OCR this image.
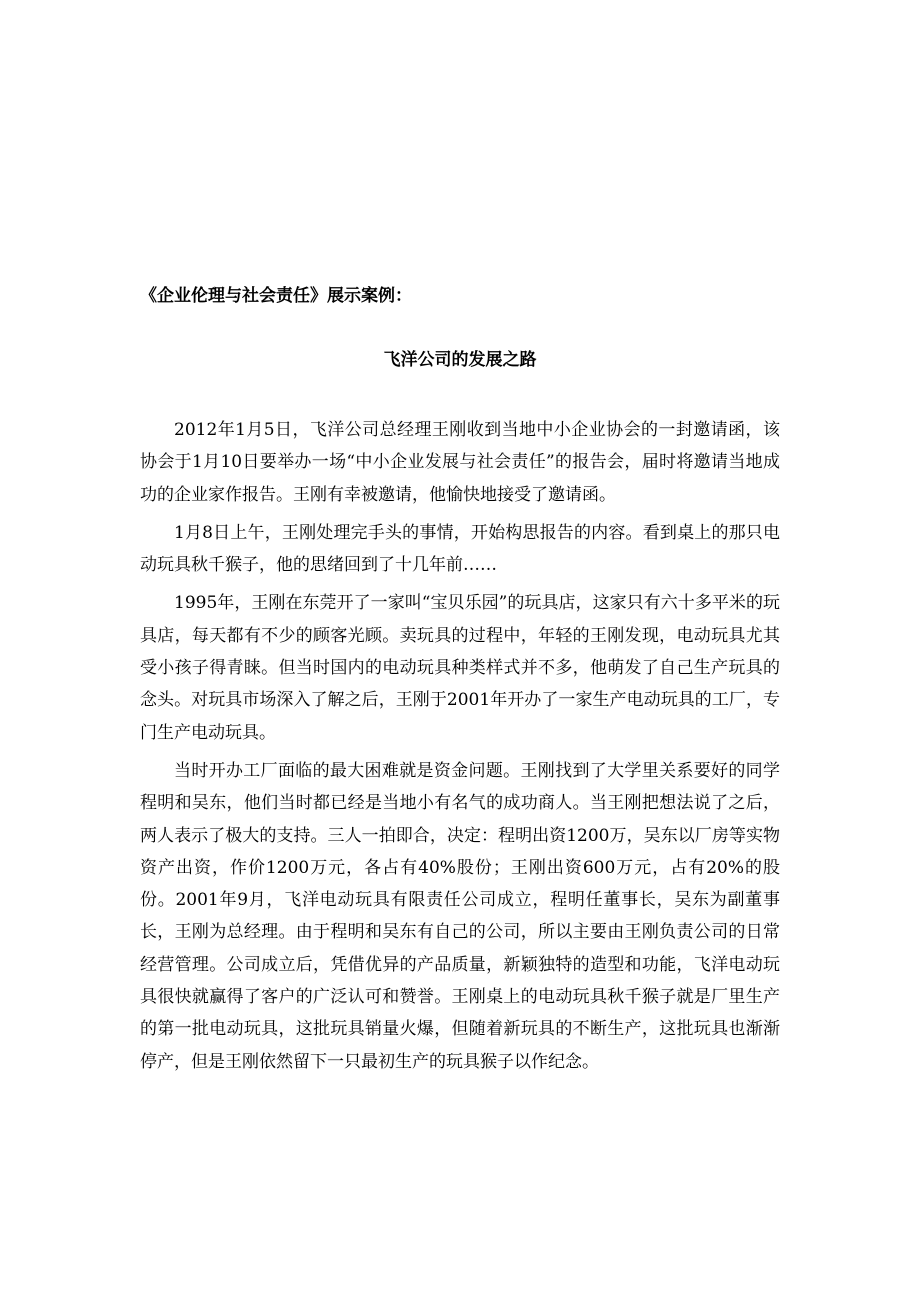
《企业伦理与社会责任》展示案例：
飞洋公司的发展之路

2012年1月5日，飞洋公司总经理王刚收到当地中小企业协会的一封邀请函，该协会于1月10日要举办一场“中小企业发展与社会责任”的报告会，届时将邀请当地成功的企业家作报告。王刚有幸被邀请，他愉快地接受了邀请函。

1月8日上午，王刚处理完手头的事情，开始构思报告的内容。看到桌上的那只电动玩具秋千猴子，他的思绪回到了十几年前……

1995年，王刚在东莞开了一家叫“宝贝乐园”的玩具店，这家只有六十多平米的玩具店，每天都有不少的顾客光顾。卖玩具的过程中，年轻的王刚发现，电动玩具尤其受小孩子得青睐。但当时国内的电动玩具种类样式并不多，他萌发了自己生产玩具的念头。对玩具市场深入了解之后，王刚于2001年开办了一家生产电动玩具的工厂，专门生产电动玩具。

当时开办工厂面临的最大困难就是资金问题。王刚找到了大学里关系要好的同学程明和吴东，他们当时都已经是当地小有名气的成功商人。当王刚把想法说了之后，两人表示了极大的支持。三人一拍即合，决定：程明出资1200万，吴东以厂房等实物资产出资，作价1200万元，各占有40%股份；王刚出资600万元，占有20%的股份。2001年9月，飞洋电动玩具有限责任公司成立，程明任董事长，吴东为副董事长，王刚为总经理。由于程明和吴东有自己的公司，所以主要由王刚负责公司的日常经营管理。公司成立后，凭借优异的产品质量，新颖独特的造型和功能，飞洋电动玩具很快就赢得了客户的广泛认可和赞誉。王刚桌上的电动玩具秋千猴子就是厂里生产的第一批电动玩具，这批玩具销量火爆，但随着新玩具的不断生产，这批玩具也渐渐停产，但是王刚依然留下一只最初生产的玩具猴子以作纪念。
